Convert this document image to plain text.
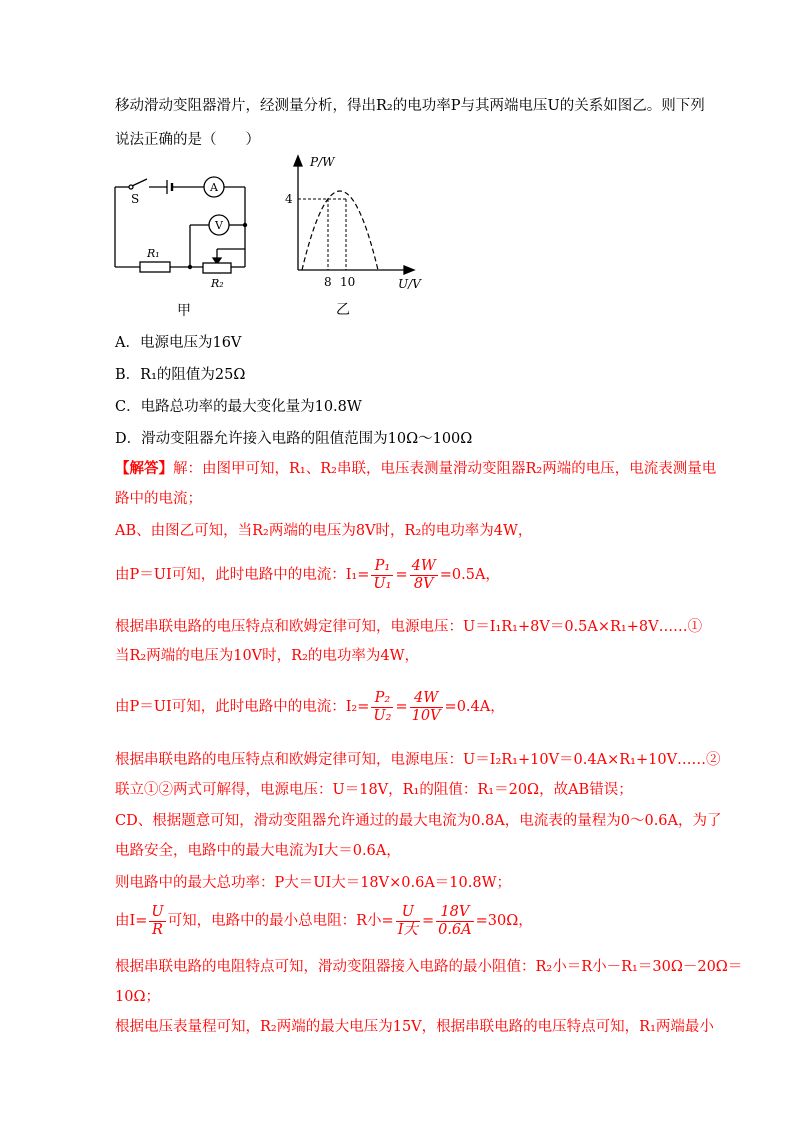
移动滑动变阻器滑片，经测量分析，得出R₂的电功率P与其两端电压U的关系如图乙。则下列
说法正确的是（　　）
S
A
V
R₁
R₂
甲
P/W
4
8 10	U/V
乙
A．电源电压为16V
B．R₁的阻值为25Ω
C．电路总功率的最大变化量为10.8W
D．滑动变阻器允许接入电路的阻值范围为10Ω～100Ω
【解答】解：由图甲可知，R₁、R₂串联，电压表测量滑动变阻器R₂两端的电压，电流表测量电
路中的电流；
AB、由图乙可知，当R₂两端的电压为8V时，R₂的电功率为4W，
由P＝UI可知，此时电路中的电流：$I_1= \frac{\text{P₁}}{\text{U₁}} = \frac{4W}{8V} =0.5A$，
根据串联电路的电压特点和欧姆定律可知，电源电压：U＝I₁R₁+8V＝0.5A×R₁+8V……①
当R₂两端的电压为10V时，R₂的电功率为4W，
由P＝UI可知，此时电路中的电流：$I_2= \frac{\text{P₂}}{\text{U₂}} = \frac{4W}{10V} =0.4A$，
根据串联电路的电压特点和欧姆定律可知，电源电压：U＝I₂R₁+10V＝0.4A×R₁+10V……②
联立①②两式可解得，电源电压：U＝18V，R₁的阻值：R₁＝20Ω，故AB错误；
CD、根据题意可知，滑动变阻器允许通过的最大电流为0.8A，电流表的量程为0～0.6A，为了
电路安全，电路中的最大电流为I大＝0.6A，
则电路中的最大总功率：P大＝UI大＝18V×0.6A＝10.8W；
由$I= \frac{U}{R}$ 可知，电路中的最小总电阻：R小= $\frac{U}{\text{I大}} = \frac{18V}{0.6A} =30\Omega$，
根据串联电路的电阻特点可知，滑动变阻器接入电路的最小阻值：R₂小＝R小－R₁＝30Ω－20Ω＝
10Ω；
根据电压表量程可知，R₂两端的最大电压为15V，根据串联电路的电压特点可知，R₁两端最小
